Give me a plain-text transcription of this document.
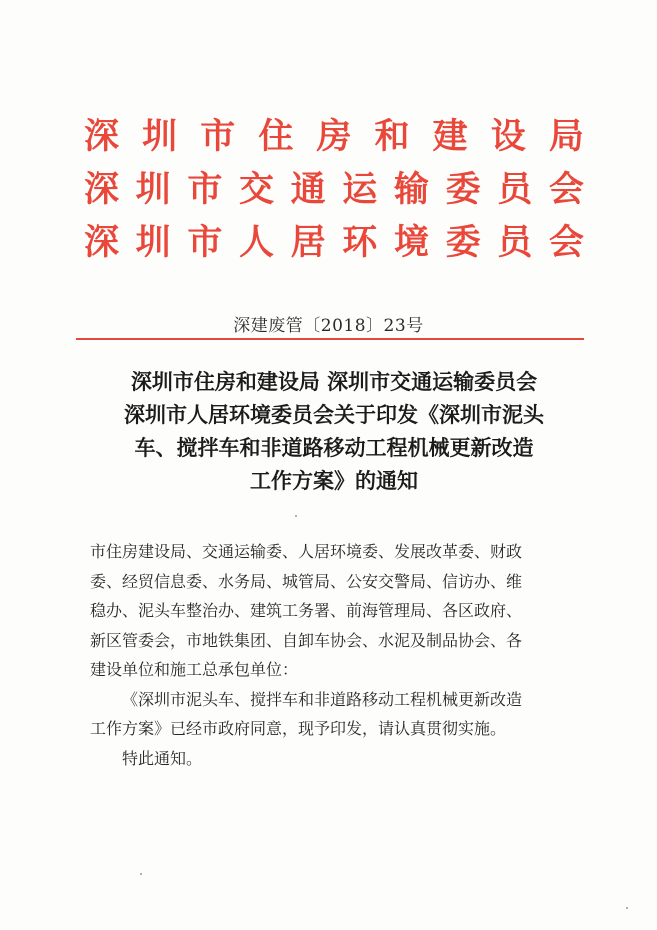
深 圳 市 住 房 和 建 设 局
深 圳 市 交 通 运 输 委 员 会
深 圳 市 人 居 环 境 委 员 会
深建废管〔2018〕23号
深圳市住房和建设局 深圳市交通运输委员会
深圳市人居环境委员会关于印发《深圳市泥头
车、搅拌车和非道路移动工程机械更新改造
工作方案》的通知

市住房建设局、交通运输委、人居环境委、发展改革委、财政

委、经贸信息委、水务局、城管局、公安交警局、信访办、维

稳办、泥头车整治办、建筑工务署、前海管理局、各区政府、

新区管委会，市地铁集团、自卸车协会、水泥及制品协会、各

建设单位和施工总承包单位：

《深圳市泥头车、搅拌车和非道路移动工程机械更新改造

工作方案》已经市政府同意，现予印发，请认真贯彻实施。

特此通知。
